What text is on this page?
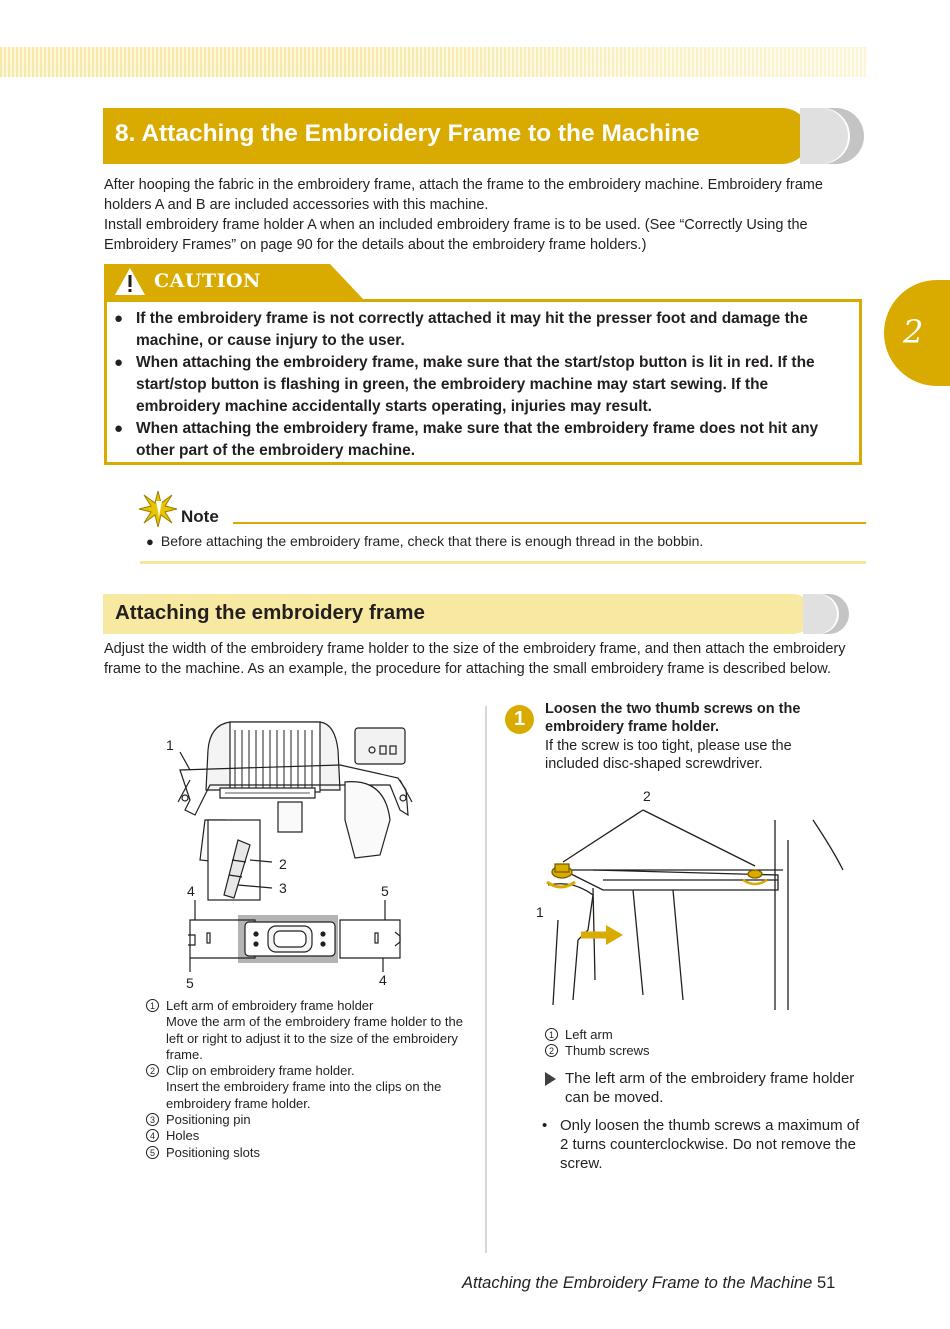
8. Attaching the Embroidery Frame to the Machine
2
After hooping the fabric in the embroidery frame, attach the frame to the embroidery machine. Embroidery frame holders A and B are included accessories with this machine.
Install embroidery frame holder A when an included embroidery frame is to be used. (See “Correctly Using the Embroidery Frames” on page 90 for the details about the embroidery frame holders.)
CAUTION
● If the embroidery frame is not correctly attached it may hit the presser foot and damage the machine, or cause injury to the user.
● When attaching the embroidery frame, make sure that the start/stop button is lit in red. If the start/stop button is flashing in green, the embroidery machine may start sewing. If the embroidery machine accidentally starts operating, injuries may result.
● When attaching the embroidery frame, make sure that the embroidery frame does not hit any other part of the embroidery machine.
Note
● Before attaching the embroidery frame, check that there is enough thread in the bobbin.
Attaching the embroidery frame
Adjust the width of the embroidery frame holder to the size of the embroidery frame, and then attach the embroidery frame to the machine. As an example, the procedure for attaching the small embroidery frame is described below.
1
2
3
4	5
5	4
1 Left arm of embroidery frame holder
Move the arm of the embroidery frame holder to the left or right to adjust it to the size of the embroidery frame.
2 Clip on embroidery frame holder.
Insert the embroidery frame into the clips on the embroidery frame holder.
3 Positioning pin
4 Holes
5 Positioning slots
1	Loosen the two thumb screws on the embroidery frame holder.
If the screw is too tight, please use the included disc-shaped screwdriver.
2
1
1 Left arm
2 Thumb screws
The left arm of the embroidery frame holder can be moved.
• Only loosen the thumb screws a maximum of 2 turns counterclockwise. Do not remove the screw.
Attaching the Embroidery Frame to the Machine 51
